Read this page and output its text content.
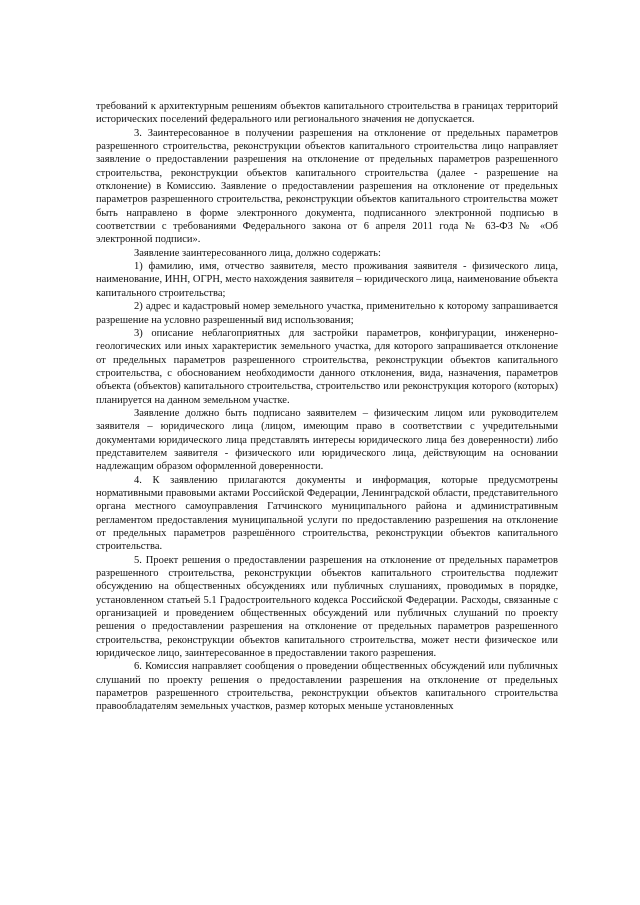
требований к архитектурным решениям объектов капитального строительства в границах территорий исторических поселений федерального или регионального значения не допускается.

3. Заинтересованное в получении разрешения на отклонение от предельных параметров разрешенного строительства, реконструкции объектов капитального строительства лицо направляет заявление о предоставлении разрешения на отклонение от предельных параметров разрешенного строительства, реконструкции объектов капитального строительства (далее - разрешение на отклонение) в Комиссию. Заявление о предоставлении разрешения на отклонение от предельных параметров разрешенного строительства, реконструкции объектов капитального строительства может быть направлено в форме электронного документа, подписанного электронной подписью в соответствии с требованиями Федерального закона от 6 апреля 2011 года № 63-ФЗ № «Об электронной подписи».

Заявление заинтересованного лица, должно содержать:

1) фамилию, имя, отчество заявителя, место проживания заявителя - физического лица, наименование, ИНН, ОГРН, место нахождения заявителя – юридического лица, наименование объекта капитального строительства;

2) адрес и кадастровый номер земельного участка, применительно к которому запрашивается разрешение на условно разрешенный вид использования;

3) описание неблагоприятных для застройки параметров, конфигурации, инженерно-геологических или иных характеристик земельного участка, для которого запрашивается отклонение от предельных параметров разрешенного строительства, реконструкции объектов капитального строительства, с обоснованием необходимости данного отклонения, вида, назначения, параметров объекта (объектов) капитального строительства, строительство или реконструкция которого (которых) планируется на данном земельном участке.

Заявление должно быть подписано заявителем – физическим лицом или руководителем заявителя – юридического лица (лицом, имеющим право в соответствии с учредительными документами юридического лица представлять интересы юридического лица без доверенности) либо представителем заявителя - физического или юридического лица, действующим на основании надлежащим образом оформленной доверенности.

4. К заявлению прилагаются документы и информация, которые предусмотрены нормативными правовыми актами Российской Федерации, Ленинградской области, представительного органа местного самоуправления Гатчинского муниципального района и административным регламентом предоставления муниципальной услуги по предоставлению разрешения на отклонение от предельных параметров разрешённого строительства, реконструкции объектов капитального строительства.

5. Проект решения о предоставлении разрешения на отклонение от предельных параметров разрешенного строительства, реконструкции объектов капитального строительства подлежит обсуждению на общественных обсуждениях или публичных слушаниях, проводимых в порядке, установленном статьей 5.1 Градостроительного кодекса Российской Федерации. Расходы, связанные с организацией и проведением общественных обсуждений или публичных слушаний по проекту решения о предоставлении разрешения на отклонение от предельных параметров разрешенного строительства, реконструкции объектов капитального строительства, может нести физическое или юридическое лицо, заинтересованное в предоставлении такого разрешения.

6. Комиссия направляет сообщения о проведении общественных обсуждений или публичных слушаний по проекту решения о предоставлении разрешения на отклонение от предельных параметров разрешенного строительства, реконструкции объектов капитального строительства правообладателям земельных участков, размер которых меньше установленных
